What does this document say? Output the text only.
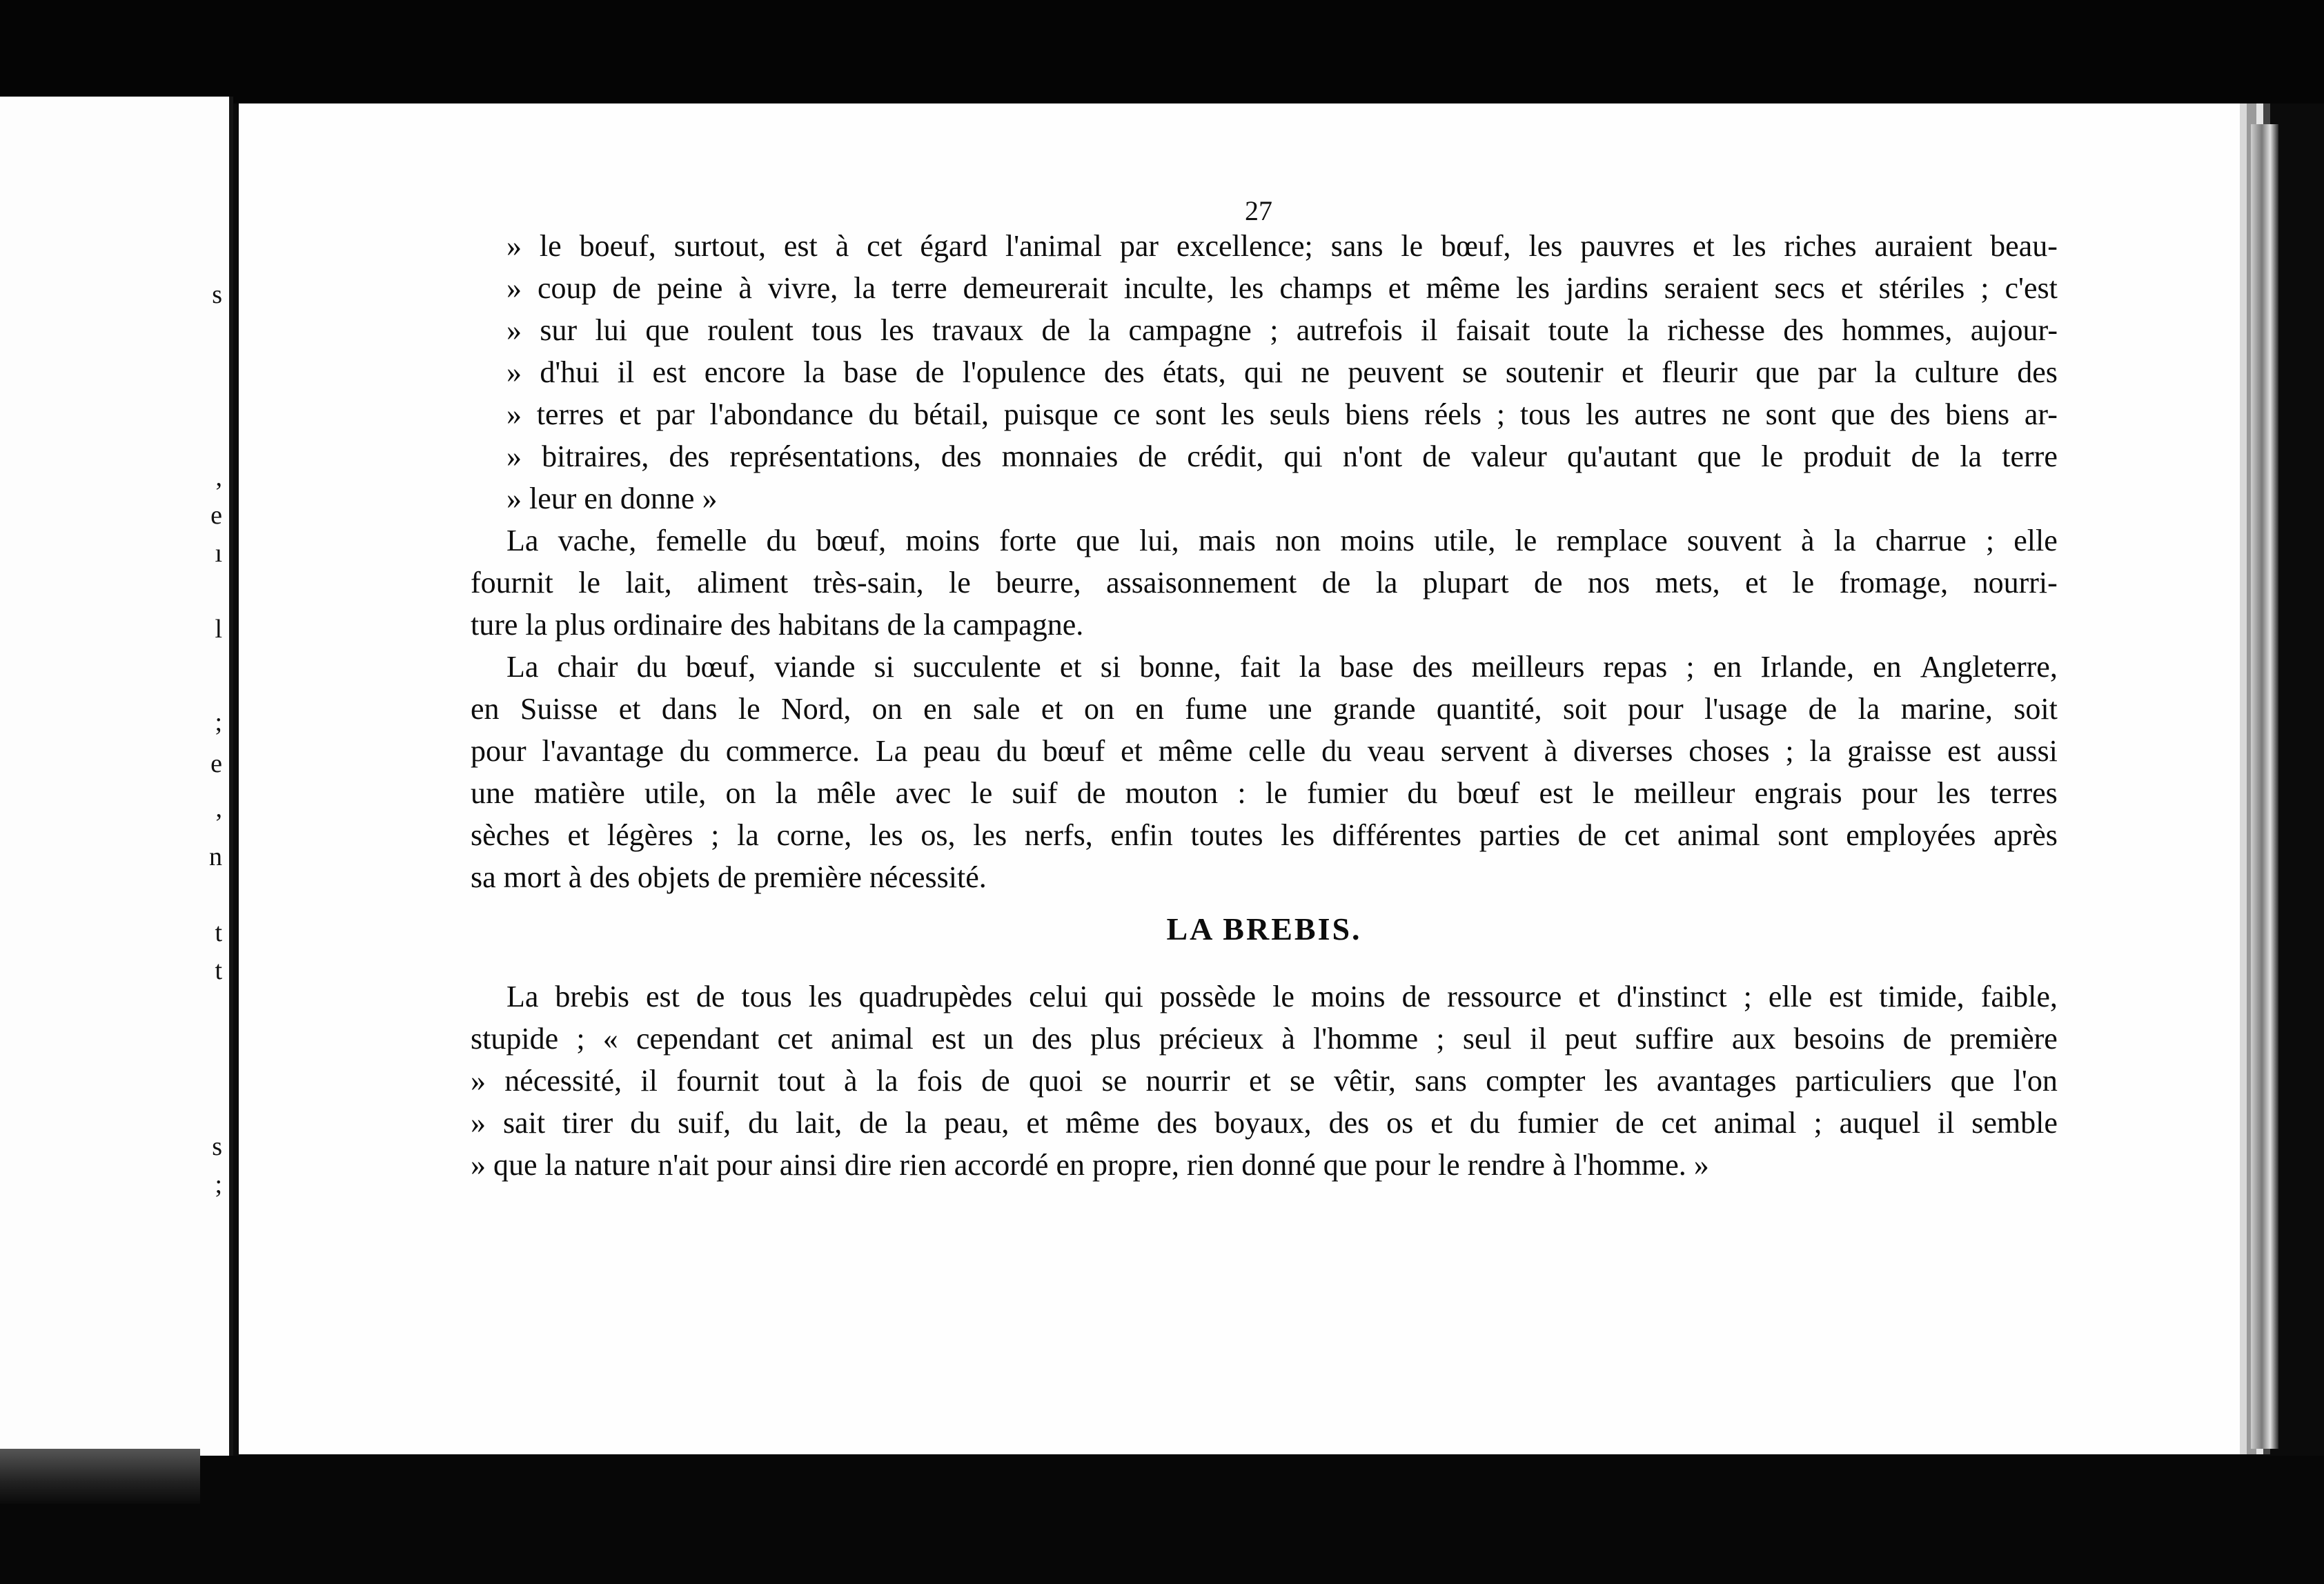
s
,
e
ı
l
;
e
,
n
t
t
s
;
27
» le boeuf, surtout, est à cet égard l'animal par excellence; sans le bœuf, les pauvres et les riches auraient beau-
» coup de peine à vivre, la terre demeurerait inculte, les champs et même les jardins seraient secs et stériles ; c'est
» sur lui que roulent tous les travaux de la campagne ; autrefois il faisait toute la richesse des hommes, aujour-
» d'hui il est encore la base de l'opulence des états, qui ne peuvent se soutenir et fleurir que par la culture des
» terres et par l'abondance du bétail, puisque ce sont les seuls biens réels ; tous les autres ne sont que des biens ar-
» bitraires, des représentations, des monnaies de crédit, qui n'ont de valeur qu'autant que le produit de la terre
» leur en donne »
La vache, femelle du bœuf, moins forte que lui, mais non moins utile, le remplace souvent à la charrue ; elle
fournit le lait, aliment très-sain, le beurre, assaisonnement de la plupart de nos mets, et le fromage, nourri-
ture la plus ordinaire des habitans de la campagne.
La chair du bœuf, viande si succulente et si bonne, fait la base des meilleurs repas ; en Irlande, en Angleterre,
en Suisse et dans le Nord, on en sale et on en fume une grande quantité, soit pour l'usage de la marine, soit
pour l'avantage du commerce. La peau du bœuf et même celle du veau servent à diverses choses ; la graisse est aussi
une matière utile, on la mêle avec le suif de mouton : le fumier du bœuf est le meilleur engrais pour les terres
sèches et légères ; la corne, les os, les nerfs, enfin toutes les différentes parties de cet animal sont employées après
sa mort à des objets de première nécessité.
LA BREBIS.
La brebis est de tous les quadrupèdes celui qui possède le moins de ressource et d'instinct ; elle est timide, faible,
stupide ; « cependant cet animal est un des plus précieux à l'homme ; seul il peut suffire aux besoins de première
» nécessité, il fournit tout à la fois de quoi se nourrir et se vêtir, sans compter les avantages particuliers que l'on
» sait tirer du suif, du lait, de la peau, et même des boyaux, des os et du fumier de cet animal ; auquel il semble
» que la nature n'ait pour ainsi dire rien accordé en propre, rien donné que pour le rendre à l'homme. »
